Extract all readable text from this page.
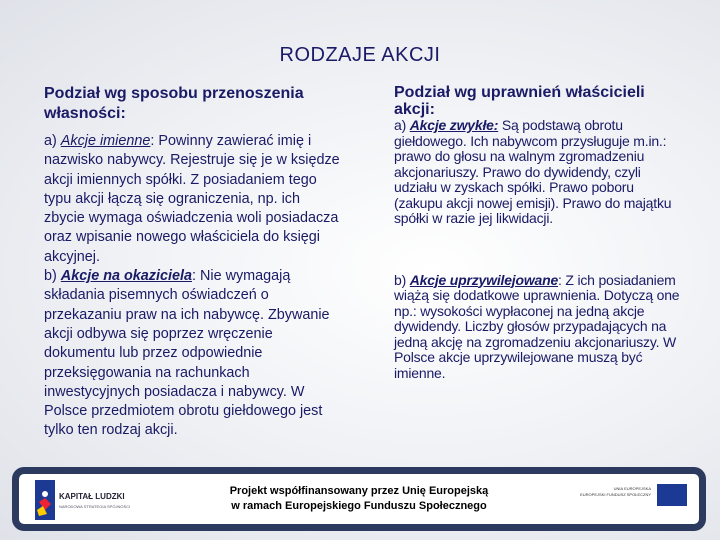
RODZAJE AKCJI
Podział wg sposobu przenoszenia własności:

a) Akcje imienne: Powinny zawierać imię i nazwisko nabywcy. Rejestruje się je w księdze akcji imiennych spółki. Z posiadaniem tego typu akcji łączą się ograniczenia, np. ich zbycie wymaga oświadczenia woli posiadacza oraz wpisanie nowego właściciela do księgi akcyjnej.
b) Akcje na okaziciela: Nie wymagają składania pisemnych oświadczeń o przekazaniu praw na ich nabywcę. Zbywanie akcji odbywa się poprzez wręczenie dokumentu lub przez odpowiednie przeksięgowania na rachunkach inwestycyjnych posiadacza i nabywcy. W Polsce przedmiotem obrotu giełdowego jest tylko ten rodzaj akcji.

Podział wg uprawnień właścicieli akcji:

a) Akcje zwykłe: Są podstawą obrotu giełdowego. Ich nabywcom przysługuje m.in.: prawo do głosu na walnym zgromadzeniu akcjonariuszy. Prawo do dywidendy, czyli udziału w zyskach spółki. Prawo poboru (zakupu akcji nowej emisji). Prawo do majątku spółki w razie jej likwidacji.

b) Akcje uprzywilejowane: Z ich posiadaniem wiążą się dodatkowe uprawnienia. Dotyczą one np.: wysokości wypłaconej na jedną akcje dywidendy. Liczby głosów przypadających na jedną akcję na zgromadzeniu akcjonariuszy. W Polsce akcje uprzywilejowane muszą być imienne.

KAPITAŁ LUDZKI
NARODOWA STRATEGIA SPÓJNOŚCI
Projekt współfinansowany przez Unię Europejską
w ramach Europejskiego Funduszu Społecznego
UNIA EUROPEJSKA
EUROPEJSKI FUNDUSZ SPOŁECZNY
